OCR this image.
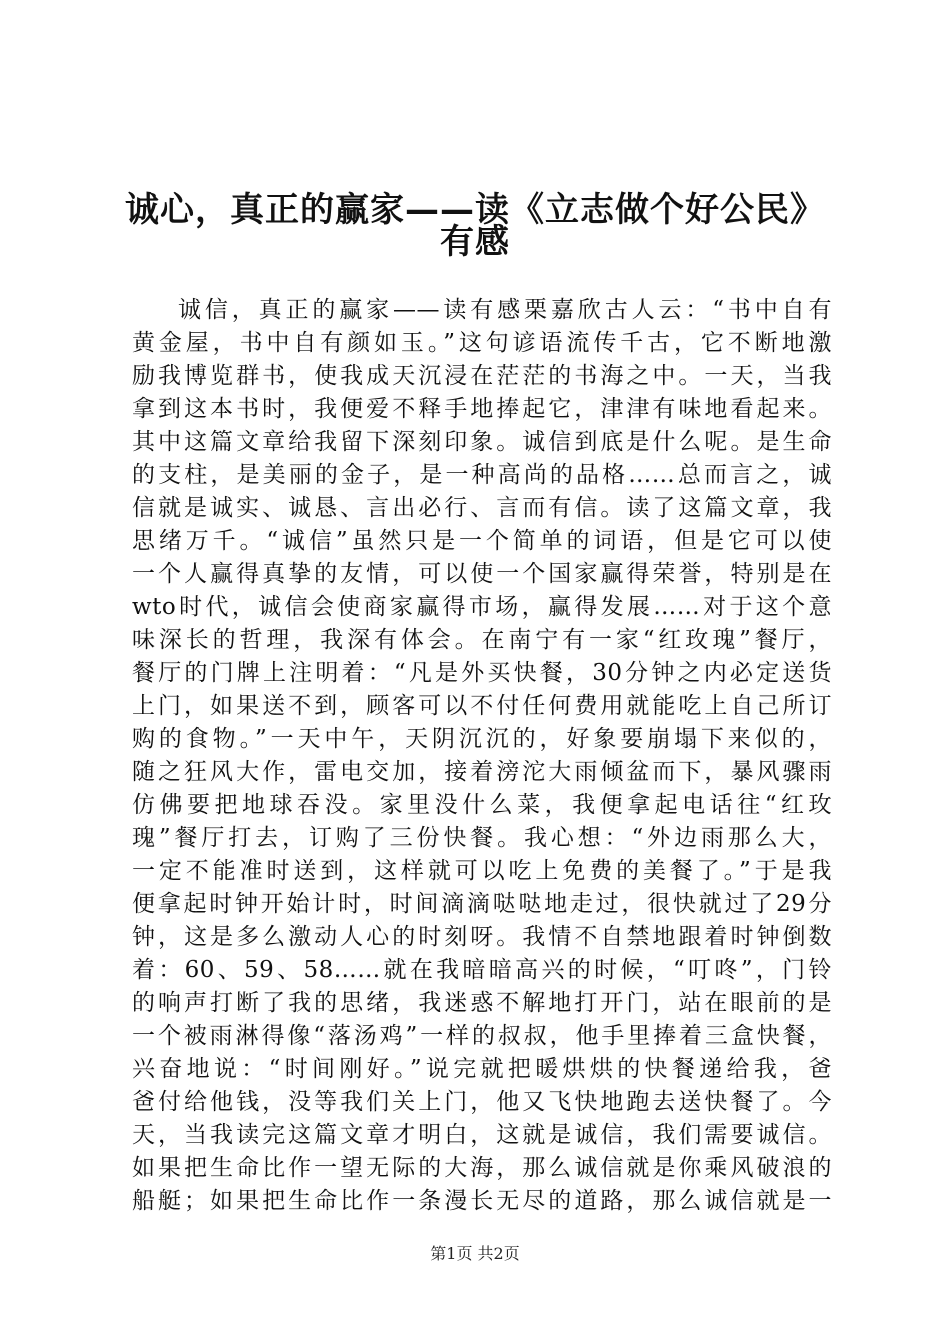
诚心，真正的赢家——读《立志做个好公民》
有感
诚信，真正的赢家——读有感栗嘉欣古人云：“书中自有
黄金屋，书中自有颜如玉。”这句谚语流传千古，它不断地激
励我博览群书，使我成天沉浸在茫茫的书海之中。一天，当我
拿到这本书时，我便爱不释手地捧起它，津津有味地看起来。
其中这篇文章给我留下深刻印象。诚信到底是什么呢。是生命
的支柱，是美丽的金子，是一种高尚的品格……总而言之，诚
信就是诚实、诚恳、言出必行、言而有信。读了这篇文章，我
思绪万千。“诚信”虽然只是一个简单的词语，但是它可以使
一个人赢得真挚的友情，可以使一个国家赢得荣誉，特别是在
wto时代，诚信会使商家赢得市场，赢得发展……对于这个意
味深长的哲理，我深有体会。在南宁有一家“红玫瑰”餐厅，
餐厅的门牌上注明着：“凡是外买快餐，30分钟之内必定送货
上门，如果送不到，顾客可以不付任何费用就能吃上自己所订
购的食物。”一天中午，天阴沉沉的，好象要崩塌下来似的，
随之狂风大作，雷电交加，接着滂沱大雨倾盆而下，暴风骤雨
仿佛要把地球吞没。家里没什么菜，我便拿起电话往“红玫
瑰”餐厅打去，订购了三份快餐。我心想：“外边雨那么大，
一定不能准时送到，这样就可以吃上免费的美餐了。”于是我
便拿起时钟开始计时，时间滴滴哒哒地走过，很快就过了29分
钟，这是多么激动人心的时刻呀。我情不自禁地跟着时钟倒数
着：60、59、58……就在我暗暗高兴的时候，“叮咚”，门铃
的响声打断了我的思绪，我迷惑不解地打开门，站在眼前的是
一个被雨淋得像“落汤鸡”一样的叔叔，他手里捧着三盒快餐，
兴奋地说：“时间刚好。”说完就把暖烘烘的快餐递给我，爸
爸付给他钱，没等我们关上门，他又飞快地跑去送快餐了。今
天，当我读完这篇文章才明白，这就是诚信，我们需要诚信。
如果把生命比作一望无际的大海，那么诚信就是你乘风破浪的
船艇；如果把生命比作一条漫长无尽的道路，那么诚信就是一
第1页 共2页
